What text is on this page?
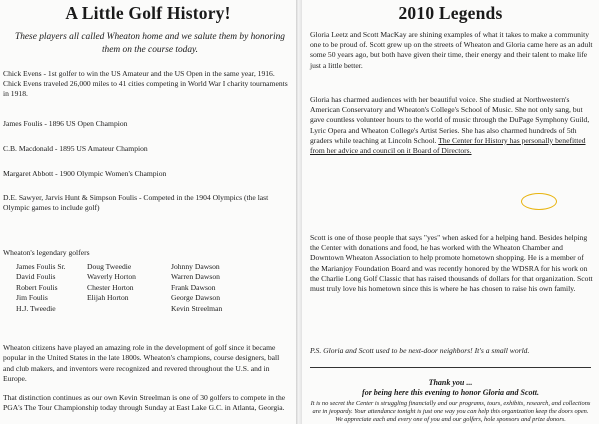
A Little Golf History!
These players all called Wheaton home and we salute them by honoring them on the course today.
Chick Evens - 1st golfer to win the US Amateur and the US Open in the same year, 1916. Chick Evens traveled 26,000 miles to 41 cities competing in World War I charity tournaments in 1918.
James Foulis - 1896 US Open Champion
C.B. Macdonald - 1895 US Amateur Champion
Margaret Abbott - 1900 Olympic Women's Champion
D.E. Sawyer, Jarvis Hunt & Simpson Foulis - Competed in the 1904 Olympics (the last Olympic games to include golf)
Wheaton's legendary golfers
James Foulis Sr.
David Foulis
Robert Foulis
Jim Foulis
H.J. Tweedie
Doug Tweedie
Waverly Horton
Chester Horton
Elijah Horton
Johnny Dawson
Warren Dawson
Frank Dawson
George Dawson
Kevin Streelman
Wheaton citizens have played an amazing role in the development of golf since it became popular in the United States in the late 1800s. Wheaton's champions, course designers, ball and club makers, and inventors were recognized and revered throughout the U.S. and in Europe.
That distinction continues as our own Kevin Streelman is one of 30 golfers to compete in the PGA's The Tour Championship today through Sunday at East Lake G.C. in Atlanta, Georgia.
2010 Legends
Gloria Leetz and Scott MacKay are shining examples of what it takes to make a community one to be proud of. Scott grew up on the streets of Wheaton and Gloria came here as an adult some 50 years ago, but both have given their time, their energy and their talent to make life just a little better.
Gloria has charmed audiences with her beautiful voice. She studied at Northwestern's American Conservatory and Wheaton's College's School of Music. She not only sang, but gave countless volunteer hours to the world of music through the DuPage Symphony Guild, Lyric Opera and Wheaton College's Artist Series. She has also charmed hundreds of 5th graders while teaching at Lincoln School. The Center for History has personally benefitted from her advice and council on it Board of Directors.
Scott is one of those people that says "yes" when asked for a helping hand. Besides helping the Center with donations and food, he has worked with the Wheaton Chamber and Downtown Wheaton Association to help promote hometown shopping. He is a member of the Marianjoy Foundation Board and was recently honored by the WDSRA for his work on the Charlie Long Golf Classic that has raised thousands of dollars for that organization. Scott must truly love his hometown since this is where he has chosen to raise his own family.
P.S. Gloria and Scott used to be next-door neighbors! It's a small world.
Thank you ...
for being here this evening to honor Gloria and Scott.
It is no secret the Center is struggling financially and our programs, tours, exhibits, research, and collections are in jeopardy. Your attendance tonight is just one way you can help this organization keep the doors open. We appreciate each and every one of you and our golfers, hole sponsors and prize donors.
